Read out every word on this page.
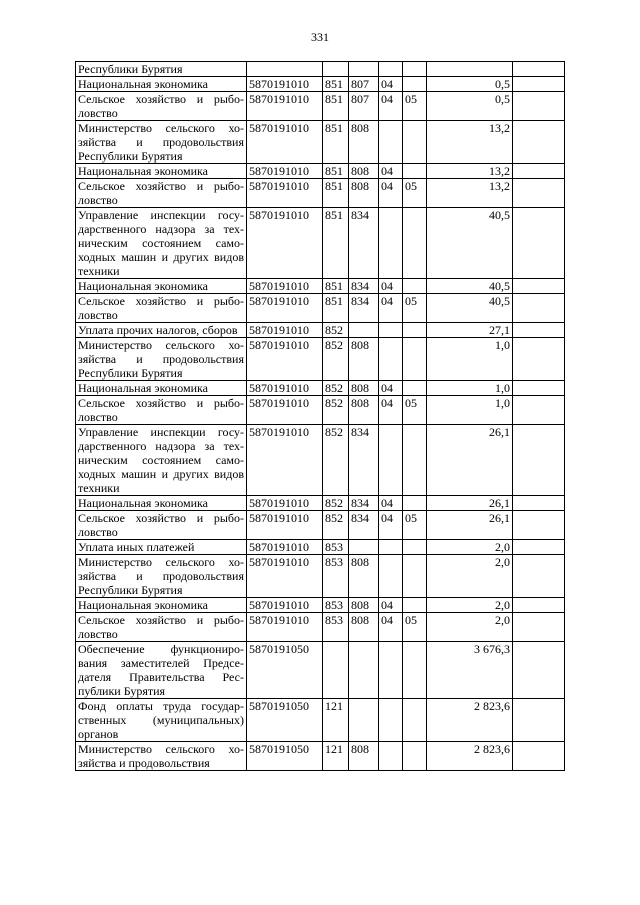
331
Республики Бурятия							
Национальная экономика	5870191010	851	807	04		0,5	
Сельское хозяйство и рыболовство	5870191010	851	807	04	05	0,5	
Министерство сельского хозяйства и продовольствия Республики Бурятия	5870191010	851	808			13,2	
Национальная экономика	5870191010	851	808	04		13,2	
Сельское хозяйство и рыболовство	5870191010	851	808	04	05	13,2	
Управление инспекции государственного надзора за техническим состоянием самоходных машин и других видов техники	5870191010	851	834			40,5	
Национальная экономика	5870191010	851	834	04		40,5	
Сельское хозяйство и рыболовство	5870191010	851	834	04	05	40,5	
Уплата прочих налогов, сборов	5870191010	852				27,1	
Министерство сельского хозяйства и продовольствия Республики Бурятия	5870191010	852	808			1,0	
Национальная экономика	5870191010	852	808	04		1,0	
Сельское хозяйство и рыболовство	5870191010	852	808	04	05	1,0	
Управление инспекции государственного надзора за техническим состоянием самоходных машин и других видов техники	5870191010	852	834			26,1	
Национальная экономика	5870191010	852	834	04		26,1	
Сельское хозяйство и рыболовство	5870191010	852	834	04	05	26,1	
Уплата иных платежей	5870191010	853				2,0	
Министерство сельского хозяйства и продовольствия Республики Бурятия	5870191010	853	808			2,0	
Национальная экономика	5870191010	853	808	04		2,0	
Сельское хозяйство и рыболовство	5870191010	853	808	04	05	2,0	
Обеспечение функционирования заместителей Председателя Правительства Республики Бурятия	5870191050					3 676,3	
Фонд оплаты труда государственных (муниципальных) органов	5870191050	121				2 823,6	
Министерство сельского хозяйства и продовольствия	5870191050	121	808			2 823,6	
